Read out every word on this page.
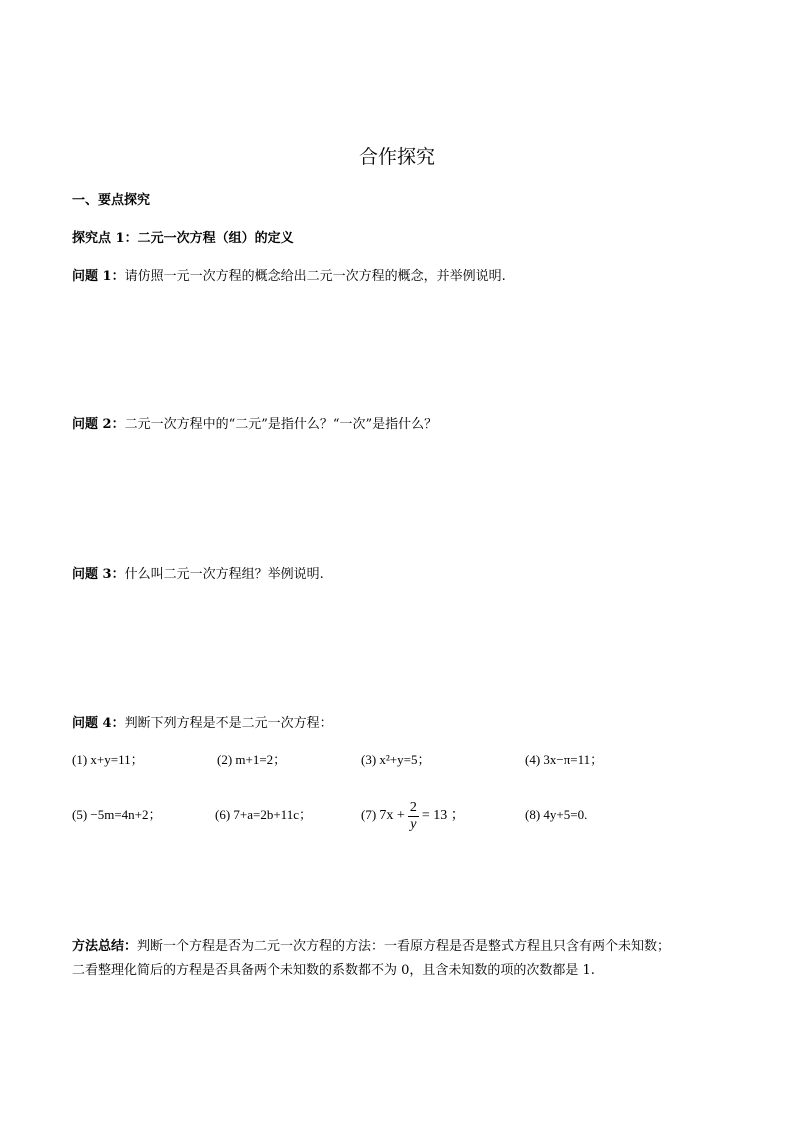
合作探究
一、要点探究
探究点 1：二元一次方程（组）的定义
问题 1：请仿照一元一次方程的概念给出二元一次方程的概念，并举例说明.
问题 2：二元一次方程中的“二元”是指什么？“一次”是指什么？
问题 3：什么叫二元一次方程组？举例说明.
问题 4：判断下列方程是不是二元一次方程：
(1) x+y=11；	(2) m+1=2；	(3) x²+y=5；	(4) 3x−π=11；
(5) −5m=4n+2；	(6) 7+a=2b+11c；	(7) $7x + \frac{2}{y} = 13$ ；	(8) 4y+5=0.
方法总结：判断一个方程是否为二元一次方程的方法：一看原方程是否是整式方程且只含有两个未知数；
二看整理化简后的方程是否具备两个未知数的系数都不为 0，且含未知数的项的次数都是 1.
